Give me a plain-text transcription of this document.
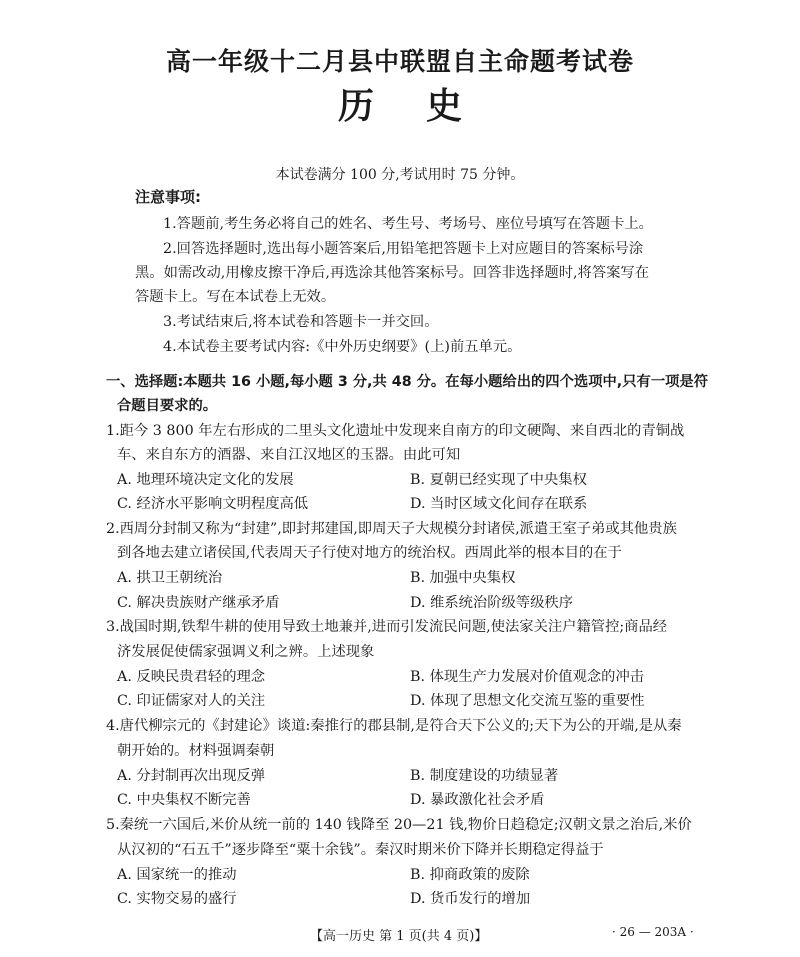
高一年级十二月县中联盟自主命题考试卷
历 史
本试卷满分 100 分,考试用时 75 分钟。
注意事项:
1.答题前,考生务必将自己的姓名、考生号、考场号、座位号填写在答题卡上。
2.回答选择题时,选出每小题答案后,用铅笔把答题卡上对应题目的答案标号涂
黑。如需改动,用橡皮擦干净后,再选涂其他答案标号。回答非选择题时,将答案写在
答题卡上。写在本试卷上无效。
3.考试结束后,将本试卷和答题卡一并交回。
4.本试卷主要考试内容:《中外历史纲要》(上)前五单元。
一、选择题:本题共 16 小题,每小题 3 分,共 48 分。在每小题给出的四个选项中,只有一项是符
合题目要求的。
1.距今 3 800 年左右形成的二里头文化遗址中发现来自南方的印文硬陶、来自西北的青铜战
车、来自东方的酒器、来自江汉地区的玉器。由此可知
A. 地理环境决定文化的发展	B. 夏朝已经实现了中央集权
C. 经济水平影响文明程度高低	D. 当时区域文化间存在联系
2.西周分封制又称为“封建”,即封邦建国,即周天子大规模分封诸侯,派遣王室子弟或其他贵族
到各地去建立诸侯国,代表周天子行使对地方的统治权。西周此举的根本目的在于
A. 拱卫王朝统治	B. 加强中央集权
C. 解决贵族财产继承矛盾	D. 维系统治阶级等级秩序
3.战国时期,铁犁牛耕的使用导致土地兼并,进而引发流民问题,使法家关注户籍管控;商品经
济发展促使儒家强调义利之辨。上述现象
A. 反映民贵君轻的理念	B. 体现生产力发展对价值观念的冲击
C. 印证儒家对人的关注	D. 体现了思想文化交流互鉴的重要性
4.唐代柳宗元的《封建论》谈道:秦推行的郡县制,是符合天下公义的;天下为公的开端,是从秦
朝开始的。材料强调秦朝
A. 分封制再次出现反弹	B. 制度建设的功绩显著
C. 中央集权不断完善	D. 暴政激化社会矛盾
5.秦统一六国后,米价从统一前的 140 钱降至 20—21 钱,物价日趋稳定;汉朝文景之治后,米价
从汉初的“石五千”逐步降至“粟十余钱”。秦汉时期米价下降并长期稳定得益于
A. 国家统一的推动	B. 抑商政策的废除
C. 实物交易的盛行	D. 货币发行的增加
【高一历史 第 1 页(共 4 页)】	· 26 — 203A ·
